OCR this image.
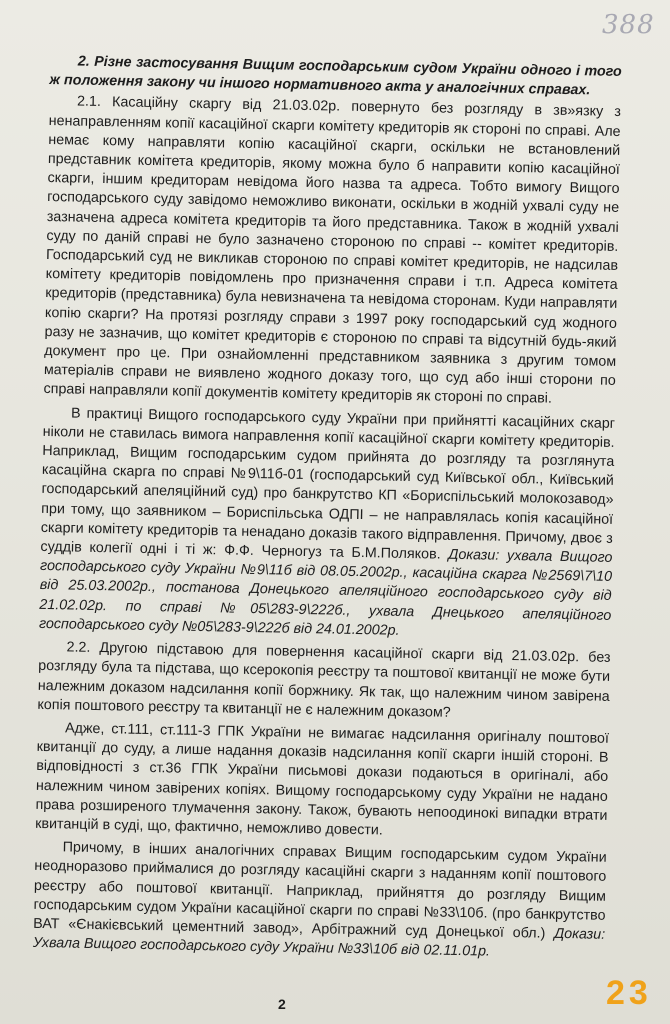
388
2. Різне застосування Вищим господарським судом України одного і того ж положення закону чи іншого нормативного акта у аналогічних справах.

2.1. Касаційну скаргу від 21.03.02р. повернуто без розгляду в зв»язку з ненаправленням копії касаційної скарги комітету кредиторів як стороні по справі. Але немає кому направляти копію касаційної скарги, оскільки не встановлений представник комітета кредиторів, якому можна було б направити копію касаційної скарги, іншим кредиторам невідома його назва та адреса. Тобто вимогу Вищого господарського суду завідомо неможливо виконати, оскільки в жодній ухвалі суду не зазначена адреса комітета кредиторів та його представника. Також в жодній ухвалі суду по даній справі не було зазначено стороною по справі -- комітет кредиторів. Господарський суд не викликав стороною по справі комітет кредиторів, не надсилав комітету кредиторів повідомлень про призначення справи і т.п. Адреса комітета кредиторів (представника) була невизначена та невідома сторонам. Куди направляти копію скарги? На протязі розгляду справи з 1997 року господарський суд жодного разу не зазначив, що комітет кредиторів є стороною по справі та відсутній будь-який документ про це. При ознайомленні представником заявника з другим томом матеріалів справи не виявлено жодного доказу того, що суд або інші сторони по справі направляли копії документів комітету кредиторів як стороні по справі.

В практиці Вищого господарського суду України при прийнятті касаційних скарг ніколи не ставилась вимога направлення копії касаційної скарги комітету кредиторів. Наприклад, Вищим господарським судом прийнята до розгляду та розглянута касаційна скарга по справі №9\11б-01 (господарський суд Київської обл., Київський господарський апеляційний суд) про банкрутство КП «Бориспільський молокозавод» при тому, що заявником – Бориспільська ОДПІ – не направлялась копія касаційної скарги комітету кредиторів та ненадано доказів такого відправлення. Причому, двоє з суддів колегії одні і ті ж: Ф.Ф. Черногуз та Б.М.Поляков. Докази: ухвала Вищого господарського суду України №9\11б від 08.05.2002р., касаційна скарга №2569\7\10 від 25.03.2002р., постанова Донецького апеляційного господарського суду від 21.02.02р. по справі №05\283-9\222б., ухвала Днецького апеляційного господарського суду №05\283-9\222б від 24.01.2002р.

2.2. Другою підставою для повернення касаційної скарги від 21.03.02р. без розгляду була та підстава, що ксерокопія реєстру та поштової квитанції не може бути належним доказом надсилання копії боржнику. Як так, що належним чином завірена копія поштового реєстру та квитанції не є належним доказом?

Адже, ст.111, ст.111-3 ГПК України не вимагає надсилання оригіналу поштової квитанції до суду, а лише надання доказів надсилання копії скарги іншій стороні. В відповідності з ст.36 ГПК України письмові докази подаються в оригіналі, або належним чином завірених копіях. Вищому господарському суду України не надано права розширеного тлумачення закону. Також, бувають непоодинокі випадки втрати квитанцій в суді, що, фактично, неможливо довести.

Причому, в інших аналогічних справах Вищим господарським судом України неодноразово приймалися до розгляду касаційні скарги з наданням копії поштового реєстру або поштової квитанції. Наприклад, прийняття до розгляду Вищим господарським судом України касаційної скарги по справі №33\10б. (про банкрутство ВАТ «Єнакієвський цементний завод», Арбітражний суд Донецької обл.) Докази: Ухвала Вищого господарського суду України №33\10б від 02.11.01р.

2	23
